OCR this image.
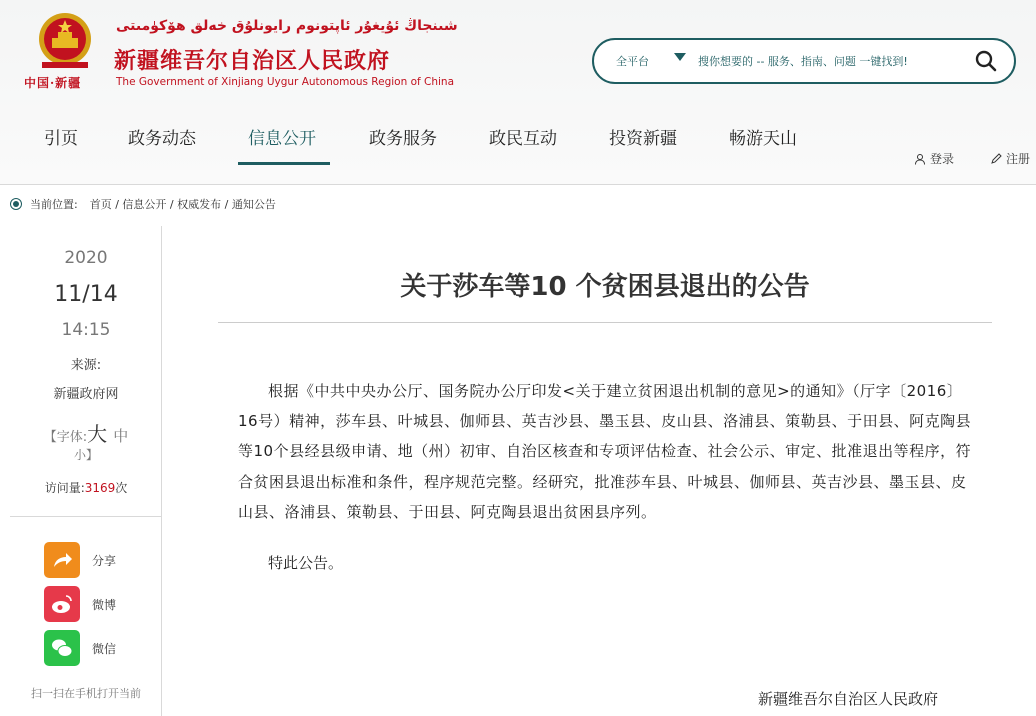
中国·新疆
شىنجاڭ ئۇيغۇر ئاپتونوم رايونلۇق خەلق ھۆكۈمىتى
新疆维吾尔自治区人民政府
The Government of Xinjiang Uygur Autonomous Region of China
全平台	搜你想要的 -- 服务、指南、问题 一键找到!
引页	政务动态	信息公开	政务服务	政民互动	投资新疆	畅游天山
登录	注册
当前位置: 首页 / 信息公开 / 权威发布 / 通知公告
2020
11/14
14:15
来源:
新疆政府网
【字体:大 中
小】
访问量:3169次
分享
微博
微信
扫一扫在手机打开当前
关于莎车等10 个贫困县退出的公告

根据《中共中央办公厅、国务院办公厅印发<关于建立贫困退出机制的意见>的通知》（厅字〔2016〕16号）精神，莎车县、叶城县、伽师县、英吉沙县、墨玉县、皮山县、洛浦县、策勒县、于田县、阿克陶县等10个县经县级申请、地（州）初审、自治区核查和专项评估检查、社会公示、审定、批准退出等程序，符合贫困县退出标准和条件，程序规范完整。经研究，批准莎车县、叶城县、伽师县、英吉沙县、墨玉县、皮山县、洛浦县、策勒县、于田县、阿克陶县退出贫困县序列。

特此公告。

新疆维吾尔自治区人民政府
